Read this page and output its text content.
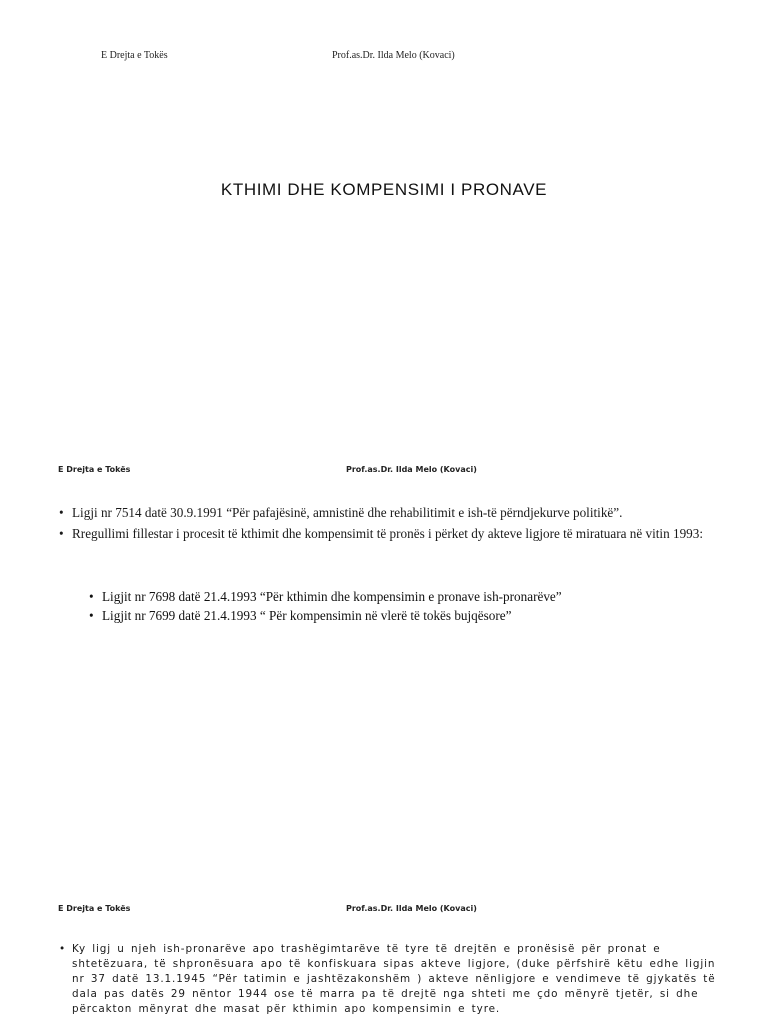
E Drejta e Tokës	Prof.as.Dr. Ilda Melo (Kovaci)
KTHIMI DHE KOMPENSIMI I PRONAVE
E Drejta e Tokës	Prof.as.Dr. Ilda Melo (Kovaci)
• Ligji nr 7514 datë 30.9.1991 “Për pafajësinë, amnistinë dhe rehabilitimit e ish-të përndjekurve politikë”.
• Rregullimi fillestar i procesit të kthimit dhe kompensimit të pronës i përket dy akteve ligjore të miratuara në vitin 1993:
• Ligjit nr 7698 datë 21.4.1993 “Për kthimin dhe kompensimin e pronave ish-pronarëve”
• Ligjit nr 7699 datë 21.4.1993 “ Për kompensimin në vlerë të tokës bujqësore”
E Drejta e Tokës	Prof.as.Dr. Ilda Melo (Kovaci)
• Ky ligj u njeh ish-pronarëve apo trashëgimtarëve të tyre të drejtën e pronësisë për pronat e shtetëzuara, të shpronësuara apo të konfiskuara sipas akteve ligjore, (duke përfshirë këtu edhe ligjin nr 37 datë 13.1.1945 “Për tatimin e jashtëzakonshëm ) akteve nënligjore e vendimeve të gjykatës të dala pas datës 29 nëntor 1944 ose të marra pa të drejtë nga shteti me çdo mënyrë tjetër, si dhe përcakton mënyrat dhe masat për kthimin apo kompensimin e tyre.
